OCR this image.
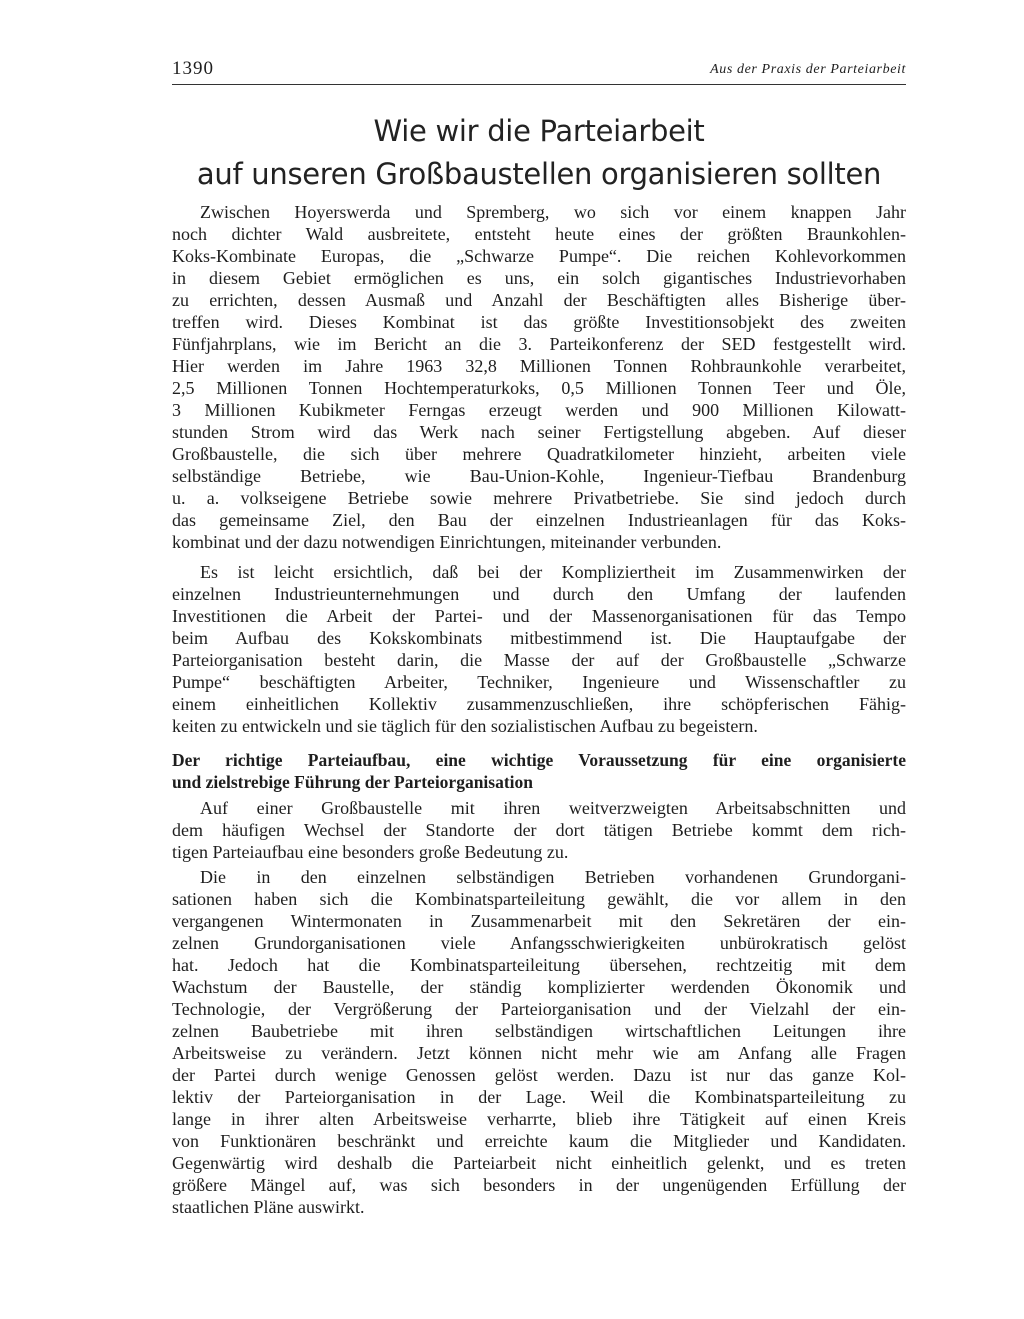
1390	Aus der Praxis der Parteiarbeit
Wie wir die Parteiarbeit
auf unseren Großbaustellen organisieren sollten

Zwischen Hoyerswerda und Spremberg, wo sich vor einem knappen Jahr
noch dichter Wald ausbreitete, entsteht heute eines der größten Braunkohlen-
Koks-Kombinate Europas, die „Schwarze Pumpe“. Die reichen Kohlevorkommen
in diesem Gebiet ermöglichen es uns, ein solch gigantisches Industrievorhaben
zu errichten, dessen Ausmaß und Anzahl der Beschäftigten alles Bisherige über-
treffen wird. Dieses Kombinat ist das größte Investitionsobjekt des zweiten
Fünfjahrplans, wie im Bericht an die 3. Parteikonferenz der SED festgestellt wird.
Hier werden im Jahre 1963 32,8 Millionen Tonnen Rohbraunkohle verarbeitet,
2,5 Millionen Tonnen Hochtemperaturkoks, 0,5 Millionen Tonnen Teer und Öle,
3 Millionen Kubikmeter Ferngas erzeugt werden und 900 Millionen Kilowatt-
stunden Strom wird das Werk nach seiner Fertigstellung abgeben. Auf dieser
Großbaustelle, die sich über mehrere Quadratkilometer hinzieht, arbeiten viele
selbständige Betriebe, wie Bau-Union-Kohle, Ingenieur-Tiefbau Brandenburg
u. a. volkseigene Betriebe sowie mehrere Privatbetriebe. Sie sind jedoch durch
das gemeinsame Ziel, den Bau der einzelnen Industrieanlagen für das Koks-
kombinat und der dazu notwendigen Einrichtungen, miteinander verbunden.

Es ist leicht ersichtlich, daß bei der Kompliziertheit im Zusammenwirken der
einzelnen Industrieunternehmungen und durch den Umfang der laufenden
Investitionen die Arbeit der Partei- und der Massenorganisationen für das Tempo
beim Aufbau des Kokskombinats mitbestimmend ist. Die Hauptaufgabe der
Parteiorganisation besteht darin, die Masse der auf der Großbaustelle „Schwarze
Pumpe“ beschäftigten Arbeiter, Techniker, Ingenieure und Wissenschaftler zu
einem einheitlichen Kollektiv zusammenzuschließen, ihre schöpferischen Fähig-
keiten zu entwickeln und sie täglich für den sozialistischen Aufbau zu begeistern.

Der richtige Parteiaufbau, eine wichtige Voraussetzung für eine organisierte
und zielstrebige Führung der Parteiorganisation

Auf einer Großbaustelle mit ihren weitverzweigten Arbeitsabschnitten und
dem häufigen Wechsel der Standorte der dort tätigen Betriebe kommt dem rich-
tigen Parteiaufbau eine besonders große Bedeutung zu.

Die in den einzelnen selbständigen Betrieben vorhandenen Grundorgani-
sationen haben sich die Kombinatsparteileitung gewählt, die vor allem in den
vergangenen Wintermonaten in Zusammenarbeit mit den Sekretären der ein-
zelnen Grundorganisationen viele Anfangsschwierigkeiten unbürokratisch gelöst
hat. Jedoch hat die Kombinatsparteileitung übersehen, rechtzeitig mit dem
Wachstum der Baustelle, der ständig komplizierter werdenden Ökonomik und
Technologie, der Vergrößerung der Parteiorganisation und der Vielzahl der ein-
zelnen Baubetriebe mit ihren selbständigen wirtschaftlichen Leitungen ihre
Arbeitsweise zu verändern. Jetzt können nicht mehr wie am Anfang alle Fragen
der Partei durch wenige Genossen gelöst werden. Dazu ist nur das ganze Kol-
lektiv der Parteiorganisation in der Lage. Weil die Kombinatsparteileitung zu
lange in ihrer alten Arbeitsweise verharrte, blieb ihre Tätigkeit auf einen Kreis
von Funktionären beschränkt und erreichte kaum die Mitglieder und Kandidaten.
Gegenwärtig wird deshalb die Parteiarbeit nicht einheitlich gelenkt, und es treten
größere Mängel auf, was sich besonders in der ungenügenden Erfüllung der
staatlichen Pläne auswirkt.
